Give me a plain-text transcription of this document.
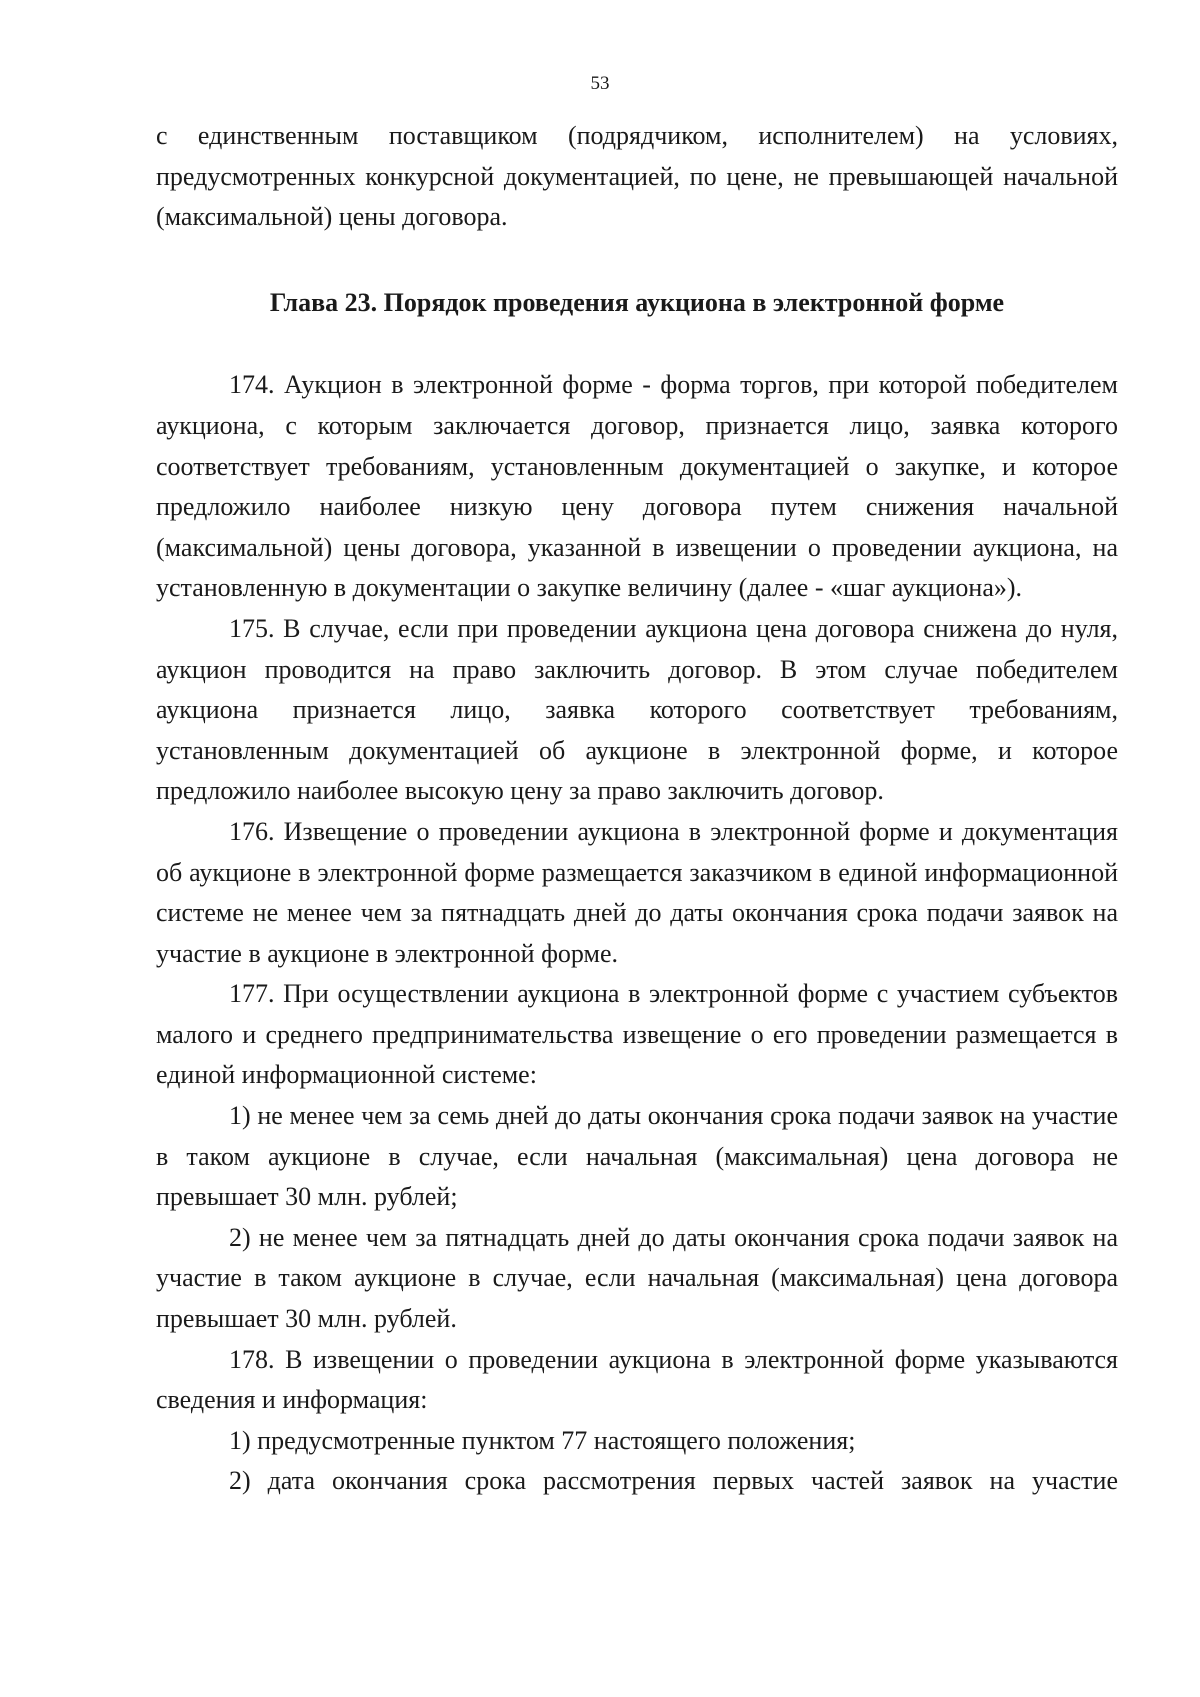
53

с единственным поставщиком (подрядчиком, исполнителем) на условиях, предусмотренных конкурсной документацией, по цене, не превышающей начальной (максимальной) цены договора.

Глава 23. Порядок проведения аукциона в электронной форме

174. Аукцион в электронной форме - форма торгов, при которой победителем аукциона, с которым заключается договор, признается лицо, заявка которого соответствует требованиям, установленным документацией о закупке, и которое предложило наиболее низкую цену договора путем снижения начальной (максимальной) цены договора, указанной в извещении о проведении аукциона, на установленную в документации о закупке величину (далее - «шаг аукциона»).

175. В случае, если при проведении аукциона цена договора снижена до нуля, аукцион проводится на право заключить договор. В этом случае победителем аукциона признается лицо, заявка которого соответствует требованиям, установленным документацией об аукционе в электронной форме, и которое предложило наиболее высокую цену за право заключить договор.

176. Извещение о проведении аукциона в электронной форме и документация об аукционе в электронной форме размещается заказчиком в единой информационной системе не менее чем за пятнадцать дней до даты окончания срока подачи заявок на участие в аукционе в электронной форме.

177. При осуществлении аукциона в электронной форме с участием субъектов малого и среднего предпринимательства извещение о его проведении размещается в единой информационной системе:

1) не менее чем за семь дней до даты окончания срока подачи заявок на участие в таком аукционе в случае, если начальная (максимальная) цена договора не превышает 30 млн. рублей;

2) не менее чем за пятнадцать дней до даты окончания срока подачи заявок на участие в таком аукционе в случае, если начальная (максимальная) цена договора превышает 30 млн. рублей.

178. В извещении о проведении аукциона в электронной форме указываются сведения и информация:

1) предусмотренные пунктом 77 настоящего положения;

2) дата окончания срока рассмотрения первых частей заявок на участие
